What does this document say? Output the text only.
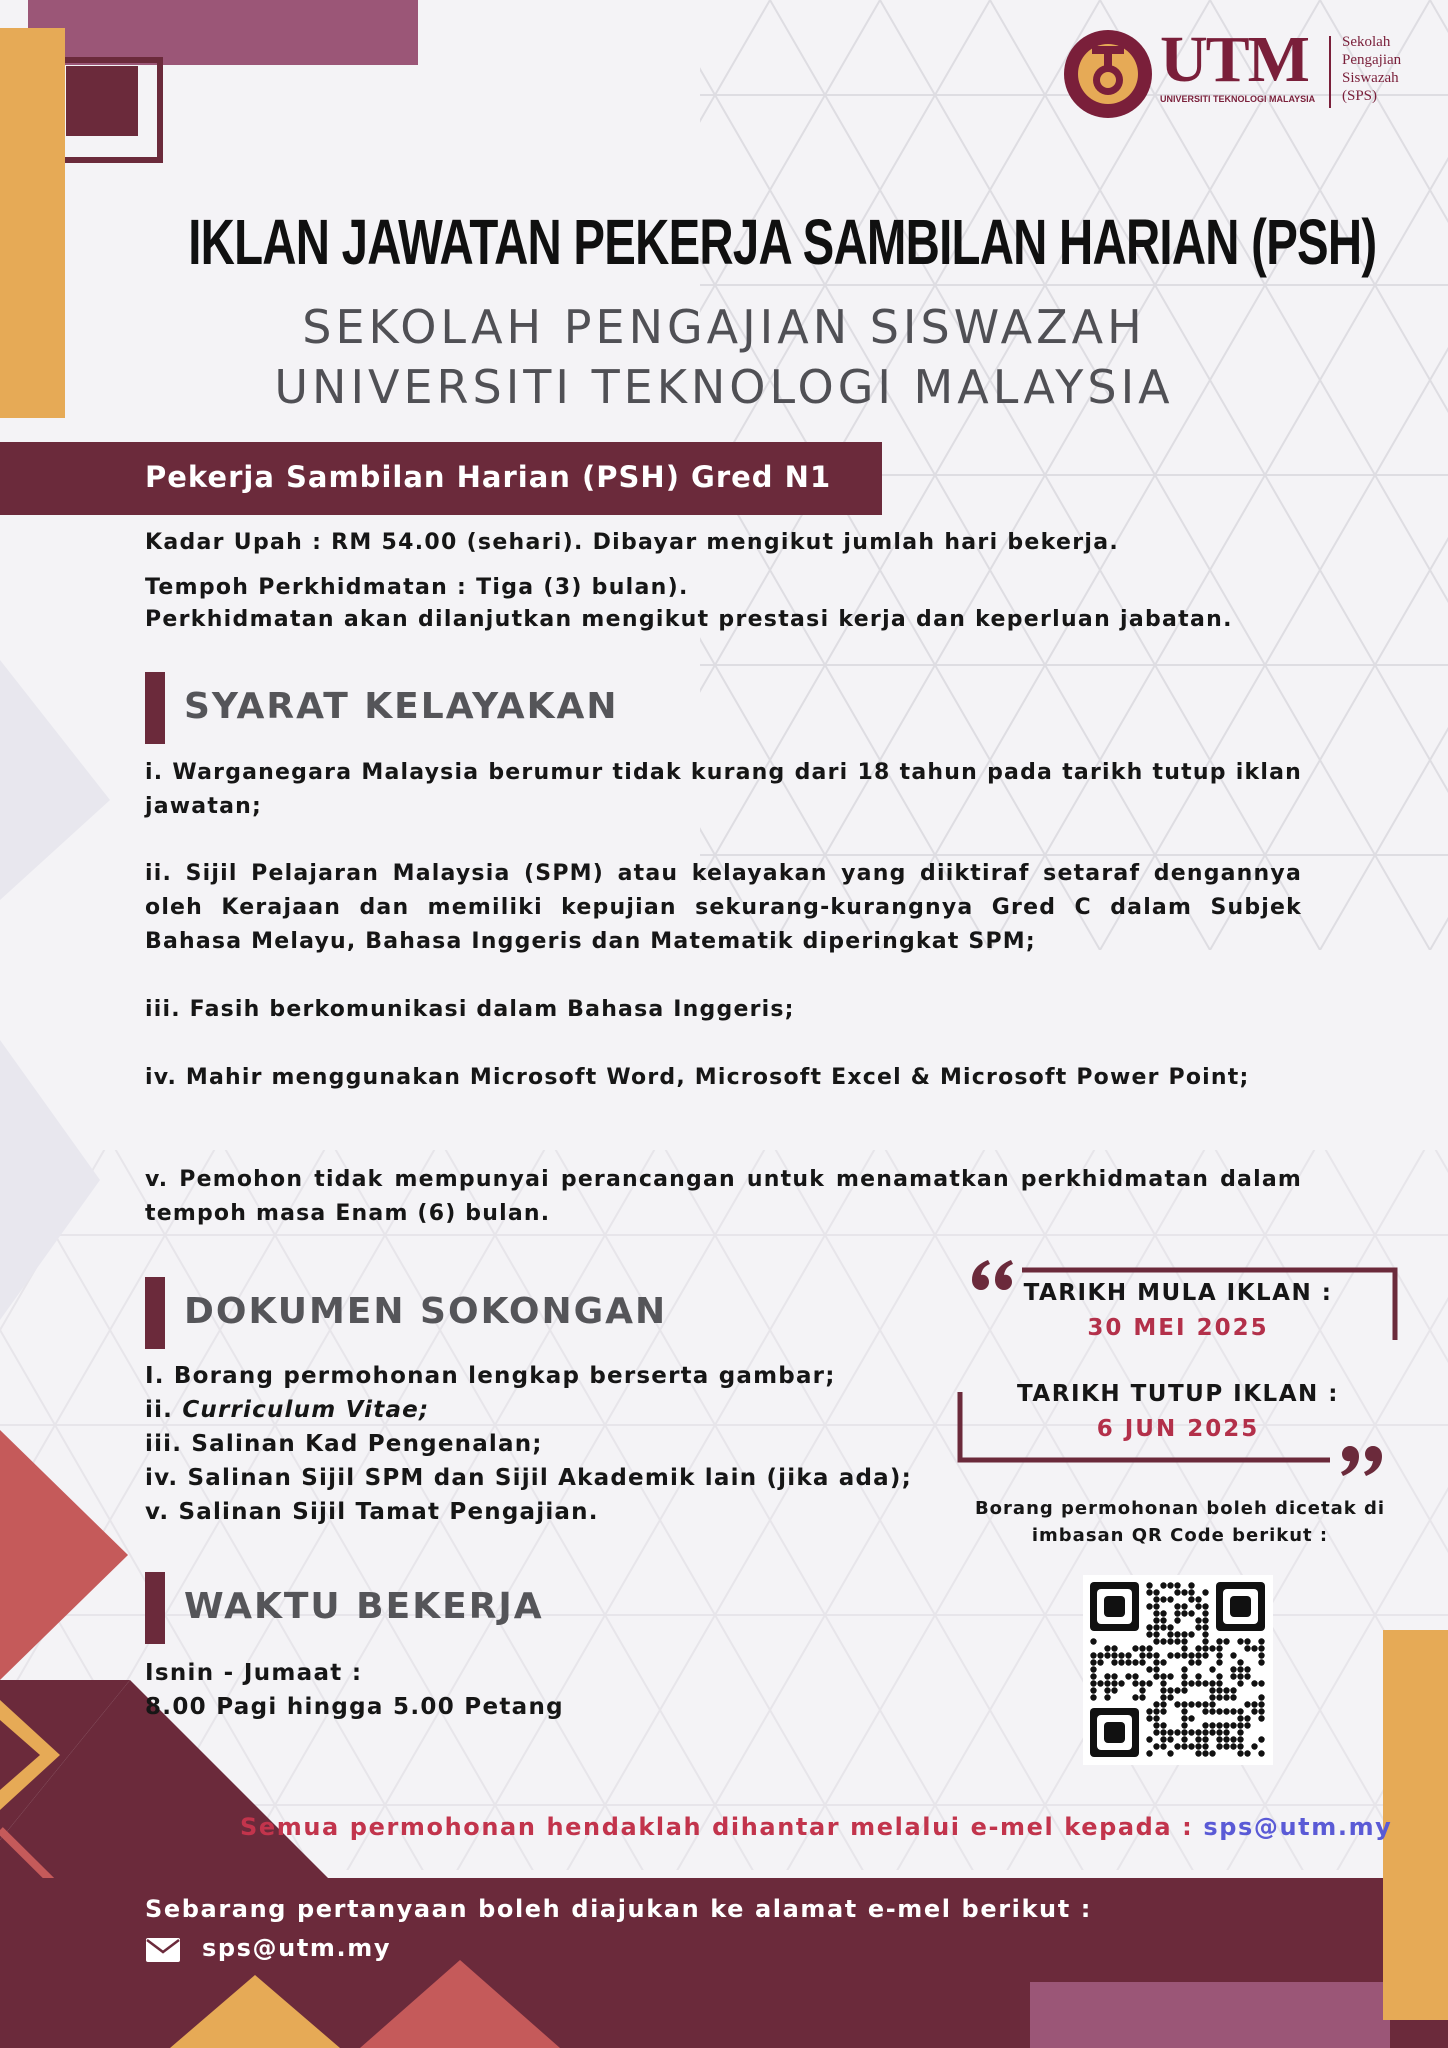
UTM
UNIVERSITI TEKNOLOGI MALAYSIA
Sekolah
Pengajian
Siswazah
(SPS)
IKLAN JAWATAN PEKERJA SAMBILAN HARIAN (PSH)
SEKOLAH PENGAJIAN SISWAZAH
UNIVERSITI TEKNOLOGI MALAYSIA
Pekerja Sambilan Harian (PSH) Gred N1
Kadar Upah : RM 54.00 (sehari). Dibayar mengikut jumlah hari bekerja.
Tempoh Perkhidmatan : Tiga (3) bulan).
Perkhidmatan akan dilanjutkan mengikut prestasi kerja dan keperluan jabatan.
SYARAT KELAYAKAN
i. Warganegara Malaysia berumur tidak kurang dari 18 tahun pada tarikh tutup iklan jawatan;
ii. Sijil Pelajaran Malaysia (SPM) atau kelayakan yang diiktiraf setaraf dengannya oleh Kerajaan dan memiliki kepujian sekurang-kurangnya Gred C dalam Subjek Bahasa Melayu, Bahasa Inggeris dan Matematik diperingkat SPM;
iii. Fasih berkomunikasi dalam Bahasa Inggeris;
iv. Mahir menggunakan Microsoft Word, Microsoft Excel & Microsoft Power Point;
v. Pemohon tidak mempunyai perancangan untuk menamatkan perkhidmatan dalam tempoh masa Enam (6) bulan.
DOKUMEN SOKONGAN
I. Borang permohonan lengkap berserta gambar;
ii. Curriculum Vitae;
iii. Salinan Kad Pengenalan;
iv. Salinan Sijil SPM dan Sijil Akademik lain (jika ada);
v. Salinan Sijil Tamat Pengajian.
WAKTU BEKERJA
Isnin - Jumaat :
8.00 Pagi hingga 5.00 Petang
TARIKH MULA IKLAN :
30 MEI 2025
TARIKH TUTUP IKLAN :
6 JUN 2025
Borang permohonan boleh dicetak di
imbasan QR Code berikut :
Semua permohonan hendaklah dihantar melalui e-mel kepada : sps@utm.my
Sebarang pertanyaan boleh diajukan ke alamat e-mel berikut :
sps@utm.my
